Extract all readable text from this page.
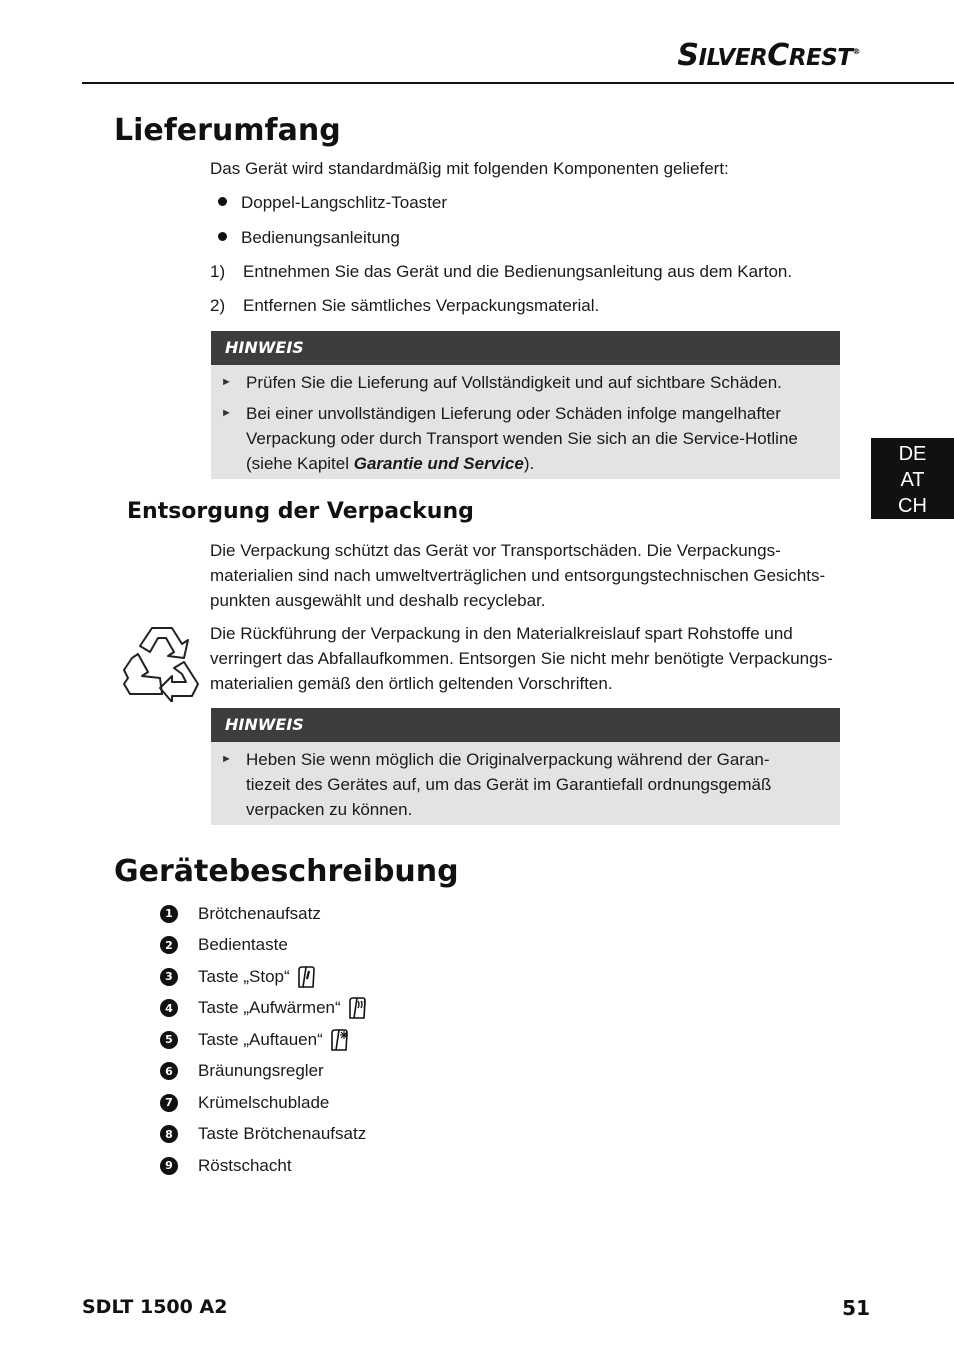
SILVERCREST®
DE
AT
CH
Lieferumfang

Das Gerät wird standardmäßig mit folgenden Komponenten geliefert:

Doppel-Langschlitz-Toaster
Bedienungsanleitung
1) Entnehmen Sie das Gerät und die Bedienungsanleitung aus dem Karton.
2) Entfernen Sie sämtliches Verpackungsmaterial.
HINWEIS
► Prüfen Sie die Lieferung auf Vollständigkeit und auf sichtbare Schäden.
► Bei einer unvollständigen Lieferung oder Schäden infolge mangelhafter Verpackung oder durch Transport wenden Sie sich an die Service-Hotline (siehe Kapitel Garantie und Service).
Entsorgung der Verpackung
Die Verpackung schützt das Gerät vor Transportschäden. Die Verpackungs-
materialien sind nach umweltverträglichen und entsorgungstechnischen Gesichts-
punkten ausgewählt und deshalb recyclebar.
Die Rückführung der Verpackung in den Materialkreislauf spart Rohstoffe und
verringert das Abfallaufkommen. Entsorgen Sie nicht mehr benötigte Verpackungs-
materialien gemäß den örtlich geltenden Vorschriften.
HINWEIS
► Heben Sie wenn möglich die Originalverpackung während der Garan-
tiezeit des Gerätes auf, um das Gerät im Garantiefall ordnungsgemäß
verpacken zu können.
Gerätebeschreibung
1	Brötchenaufsatz
2	Bedientaste
3	Taste „Stop“
4	Taste „Aufwärmen“
5	Taste „Auftauen“
6	Bräunungsregler
7	Krümelschublade
8	Taste Brötchenaufsatz
9	Röstschacht
SDLT 1500 A2	51
